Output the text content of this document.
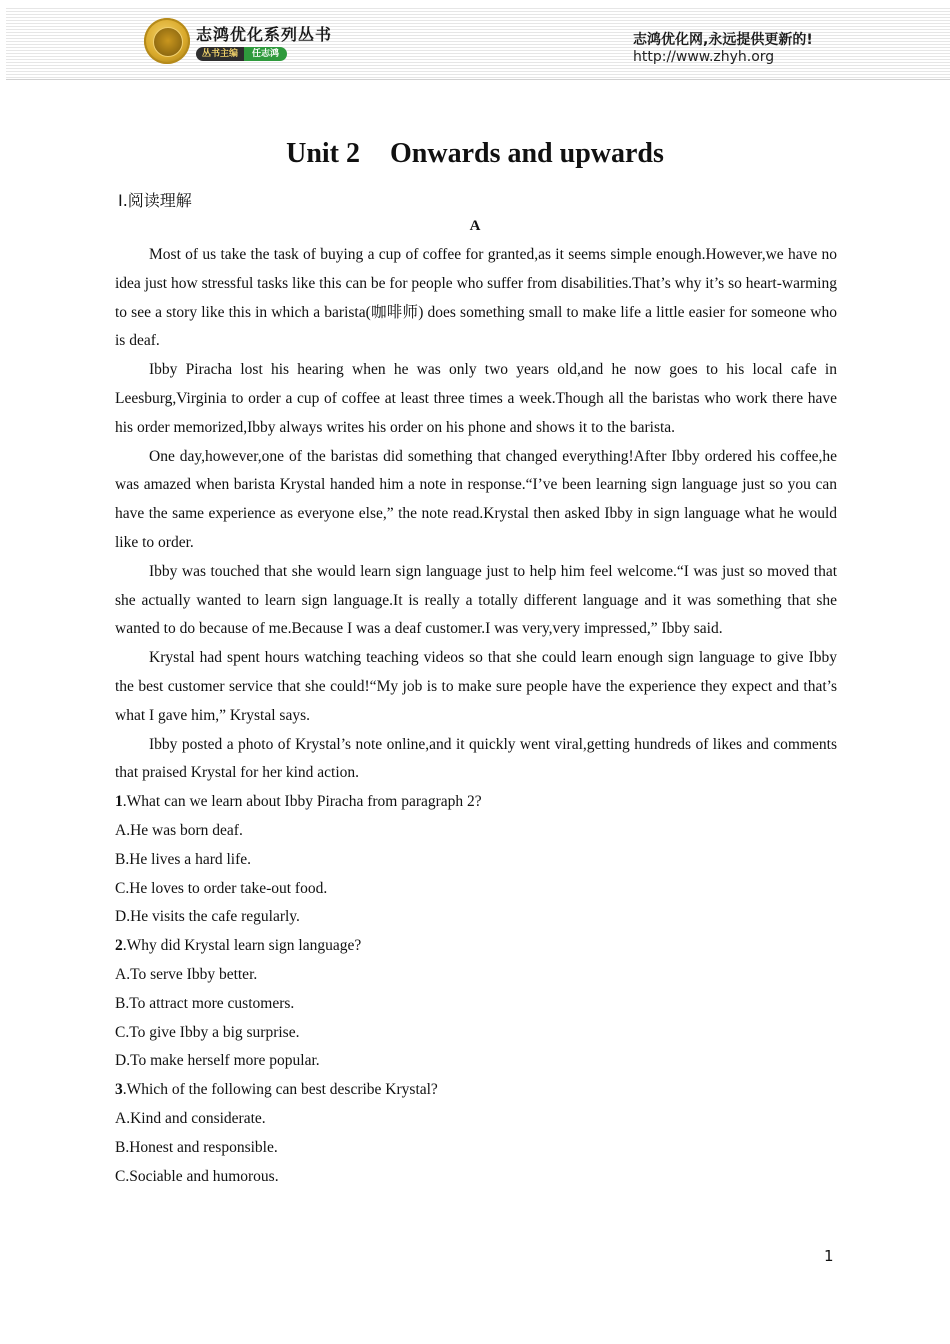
志鸿优化系列丛书
丛书主编	任志鸿
志鸿优化网,永远提供更新的!
http://www.zhyh.org
Unit 2 Onwards and upwards
Ⅰ.阅读理解
A

Most of us take the task of buying a cup of coffee for granted,as it seems simple enough.However,we have no idea just how stressful tasks like this can be for people who suffer from disabilities.That’s why it’s so heart-warming to see a story like this in which a barista(咖啡师) does something small to make life a little easier for someone who is deaf.

Ibby Piracha lost his hearing when he was only two years old,and he now goes to his local cafe in Leesburg,Virginia to order a cup of coffee at least three times a week.Though all the baristas who work there have his order memorized,Ibby always writes his order on his phone and shows it to the barista.

One day,however,one of the baristas did something that changed everything!After Ibby ordered his coffee,he was amazed when barista Krystal handed him a note in response.“I’ve been learning sign language just so you can have the same experience as everyone else,” the note read.Krystal then asked Ibby in sign language what he would like to order.

Ibby was touched that she would learn sign language just to help him feel welcome.“I was just so moved that she actually wanted to learn sign language.It is really a totally different language and it was something that she wanted to do because of me.Because I was a deaf customer.I was very,very impressed,” Ibby said.

Krystal had spent hours watching teaching videos so that she could learn enough sign language to give Ibby the best customer service that she could!“My job is to make sure people have the experience they expect and that’s what I gave him,” Krystal says.

Ibby posted a photo of Krystal’s note online,and it quickly went viral,getting hundreds of likes and comments that praised Krystal for her kind action.

1.What can we learn about Ibby Piracha from paragraph 2?

A.He was born deaf.

B.He lives a hard life.

C.He loves to order take-out food.

D.He visits the cafe regularly.

2.Why did Krystal learn sign language?

A.To serve Ibby better.

B.To attract more customers.

C.To give Ibby a big surprise.

D.To make herself more popular.

3.Which of the following can best describe Krystal?

A.Kind and considerate.

B.Honest and responsible.

C.Sociable and humorous.

1
